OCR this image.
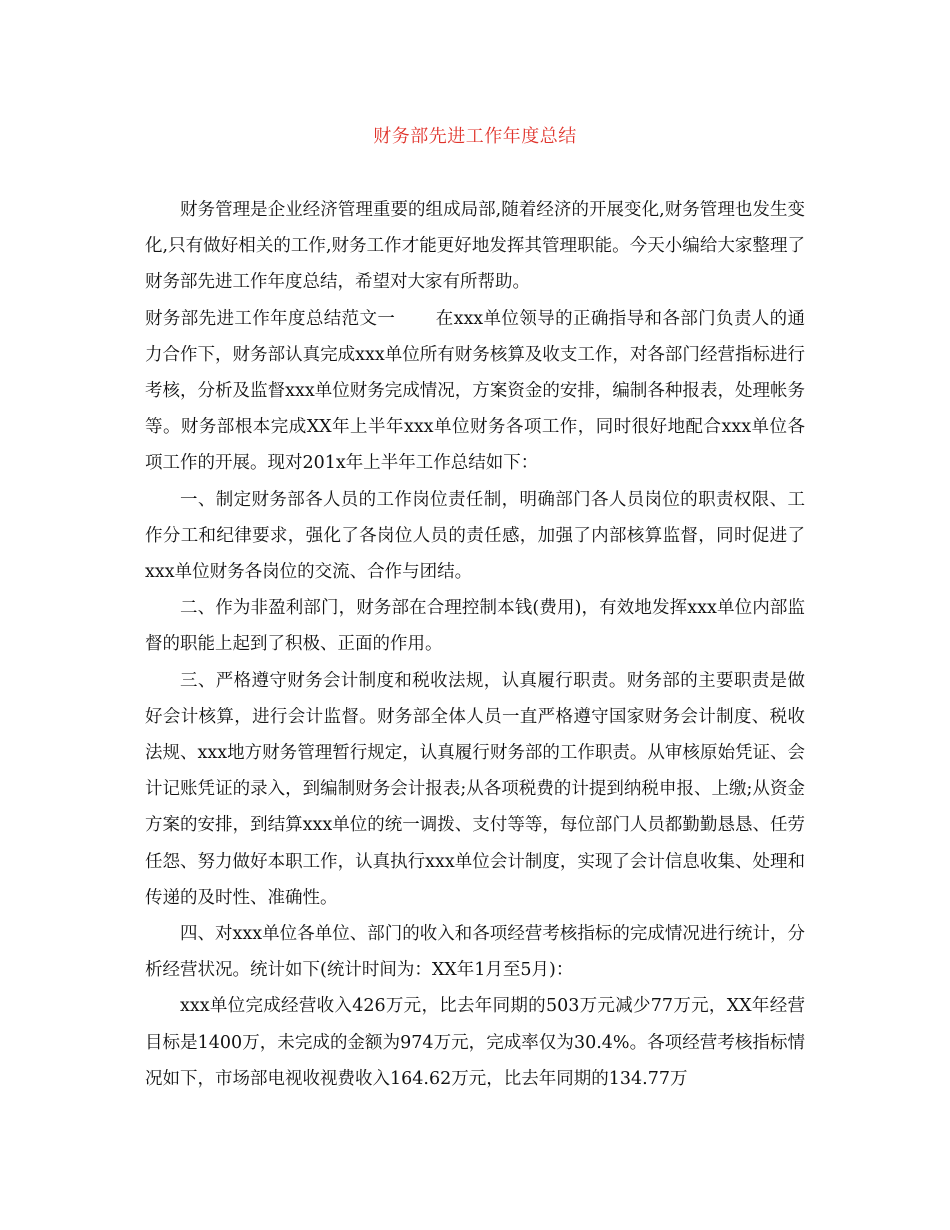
财务部先进工作年度总结

财务管理是企业经济管理重要的组成局部,随着经济的开展变化,财务管理也发生变化,只有做好相关的工作,财务工作才能更好地发挥其管理职能。今天小编给大家整理了财务部先进工作年度总结，希望对大家有所帮助。

财务部先进工作年度总结范文一 在xxx单位领导的正确指导和各部门负责人的通力合作下，财务部认真完成xxx单位所有财务核算及收支工作，对各部门经营指标进行考核，分析及监督xxx单位财务完成情况，方案资金的安排，编制各种报表，处理帐务等。财务部根本完成XX年上半年xxx单位财务各项工作，同时很好地配合xxx单位各项工作的开展。现对201x年上半年工作总结如下：

一、制定财务部各人员的工作岗位责任制，明确部门各人员岗位的职责权限、工作分工和纪律要求，强化了各岗位人员的责任感，加强了内部核算监督，同时促进了xxx单位财务各岗位的交流、合作与团结。

二、作为非盈利部门，财务部在合理控制本钱(费用)，有效地发挥xxx单位内部监督的职能上起到了积极、正面的作用。

三、严格遵守财务会计制度和税收法规，认真履行职责。财务部的主要职责是做好会计核算，进行会计监督。财务部全体人员一直严格遵守国家财务会计制度、税收法规、xxx地方财务管理暂行规定，认真履行财务部的工作职责。从审核原始凭证、会计记账凭证的录入，到编制财务会计报表;从各项税费的计提到纳税申报、上缴;从资金方案的安排，到结算xxx单位的统一调拨、支付等等，每位部门人员都勤勤恳恳、任劳任怨、努力做好本职工作，认真执行xxx单位会计制度，实现了会计信息收集、处理和传递的及时性、准确性。

四、对xxx单位各单位、部门的收入和各项经营考核指标的完成情况进行统计，分析经营状况。统计如下(统计时间为：XX年1月至5月)：

xxx单位完成经营收入426万元，比去年同期的503万元减少77万元，XX年经营目标是1400万，未完成的金额为974万元，完成率仅为30.4%。各项经营考核指标情况如下，市场部电视收视费收入164.62万元，比去年同期的134.77万
